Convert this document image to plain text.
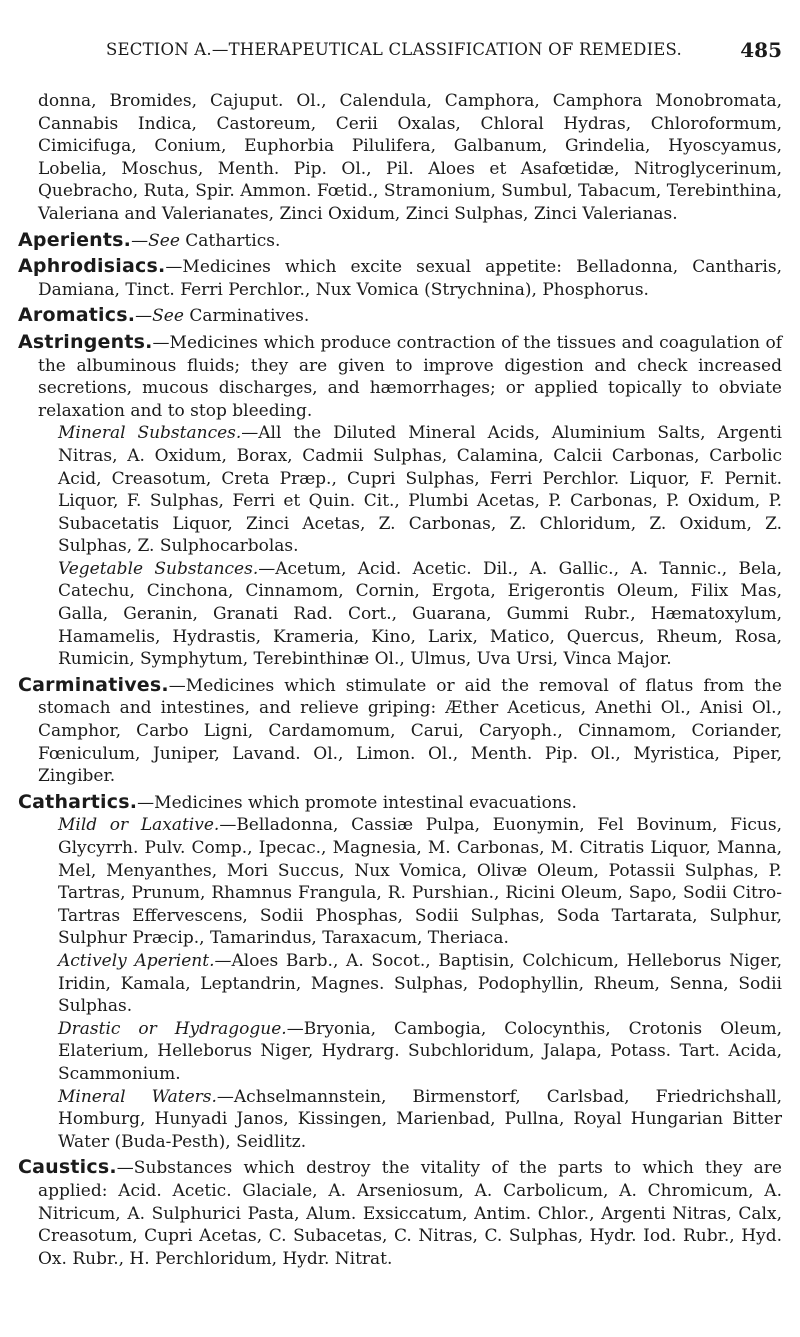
SECTION A.—THERAPEUTICAL CLASSIFICATION OF REMEDIES.	485

donna, Bromides, Cajuput. Ol., Calendula, Camphora, Camphora Monobromata, Cannabis Indica, Castoreum, Cerii Oxalas, Chloral Hydras, Chloroformum, Cimicifuga, Conium, Euphorbia Pilulifera, Galbanum, Grindelia, Hyoscyamus, Lobelia, Moschus, Menth. Pip. Ol., Pil. Aloes et Asafœtidæ, Nitroglycerinum, Quebracho, Ruta, Spir. Ammon. Fœtid., Stramonium, Sumbul, Tabacum, Terebinthina, Valeriana and Valerianates, Zinci Oxidum, Zinci Sulphas, Zinci Valerianas.

Aperients.—See Cathartics.

Aphrodisiacs.—Medicines which excite sexual appetite: Belladonna, Cantharis, Damiana, Tinct. Ferri Perchlor., Nux Vomica (Strychnina), Phosphorus.

Aromatics.—See Carminatives.

Astringents.—Medicines which produce contraction of the tissues and coagulation of the albuminous fluids; they are given to improve digestion and check increased secretions, mucous discharges, and hæmorrhages; or applied topically to obviate relaxation and to stop bleeding.

Mineral Substances.—All the Diluted Mineral Acids, Aluminium Salts, Argenti Nitras, A. Oxidum, Borax, Cadmii Sulphas, Calamina, Calcii Carbonas, Carbolic Acid, Creasotum, Creta Præp., Cupri Sulphas, Ferri Perchlor. Liquor, F. Pernit. Liquor, F. Sulphas, Ferri et Quin. Cit., Plumbi Acetas, P. Carbonas, P. Oxidum, P. Subacetatis Liquor, Zinci Acetas, Z. Carbonas, Z. Chloridum, Z. Oxidum, Z. Sulphas, Z. Sulphocarbolas.

Vegetable Substances.—Acetum, Acid. Acetic. Dil., A. Gallic., A. Tannic., Bela, Catechu, Cinchona, Cinnamom, Cornin, Ergota, Erigerontis Oleum, Filix Mas, Galla, Geranin, Granati Rad. Cort., Guarana, Gummi Rubr., Hæmatoxylum, Hamamelis, Hydrastis, Krameria, Kino, Larix, Matico, Quercus, Rheum, Rosa, Rumicin, Symphytum, Terebinthinæ Ol., Ulmus, Uva Ursi, Vinca Major.

Carminatives.—Medicines which stimulate or aid the removal of flatus from the stomach and intestines, and relieve griping: Æther Aceticus, Anethi Ol., Anisi Ol., Camphor, Carbo Ligni, Cardamomum, Carui, Caryoph., Cinnamom, Coriander, Fœniculum, Juniper, Lavand. Ol., Limon. Ol., Menth. Pip. Ol., Myristica, Piper, Zingiber.

Cathartics.—Medicines which promote intestinal evacuations.

Mild or Laxative.—Belladonna, Cassiæ Pulpa, Euonymin, Fel Bovinum, Ficus, Glycyrrh. Pulv. Comp., Ipecac., Magnesia, M. Carbonas, M. Citratis Liquor, Manna, Mel, Menyanthes, Mori Succus, Nux Vomica, Olivæ Oleum, Potassii Sulphas, P. Tartras, Prunum, Rhamnus Frangula, R. Purshian., Ricini Oleum, Sapo, Sodii Citro-Tartras Effervescens, Sodii Phosphas, Sodii Sulphas, Soda Tartarata, Sulphur, Sulphur Præcip., Tamarindus, Taraxacum, Theriaca.

Actively Aperient.—Aloes Barb., A. Socot., Baptisin, Colchicum, Helleborus Niger, Iridin, Kamala, Leptandrin, Magnes. Sulphas, Podophyllin, Rheum, Senna, Sodii Sulphas.

Drastic or Hydragogue.—Bryonia, Cambogia, Colocynthis, Crotonis Oleum, Elaterium, Helleborus Niger, Hydrarg. Subchloridum, Jalapa, Potass. Tart. Acida, Scammonium.

Mineral Waters.—Achselmannstein, Birmenstorf, Carlsbad, Friedrichshall, Homburg, Hunyadi Janos, Kissingen, Marienbad, Pullna, Royal Hungarian Bitter Water (Buda-Pesth), Seidlitz.

Caustics.—Substances which destroy the vitality of the parts to which they are applied: Acid. Acetic. Glaciale, A. Arseniosum, A. Carbolicum, A. Chromicum, A. Nitricum, A. Sulphurici Pasta, Alum. Exsiccatum, Antim. Chlor., Argenti Nitras, Calx, Creasotum, Cupri Acetas, C. Subacetas, C. Nitras, C. Sulphas, Hydr. Iod. Rubr., Hyd. Ox. Rubr., H. Perchloridum, Hydr. Nitrat.
